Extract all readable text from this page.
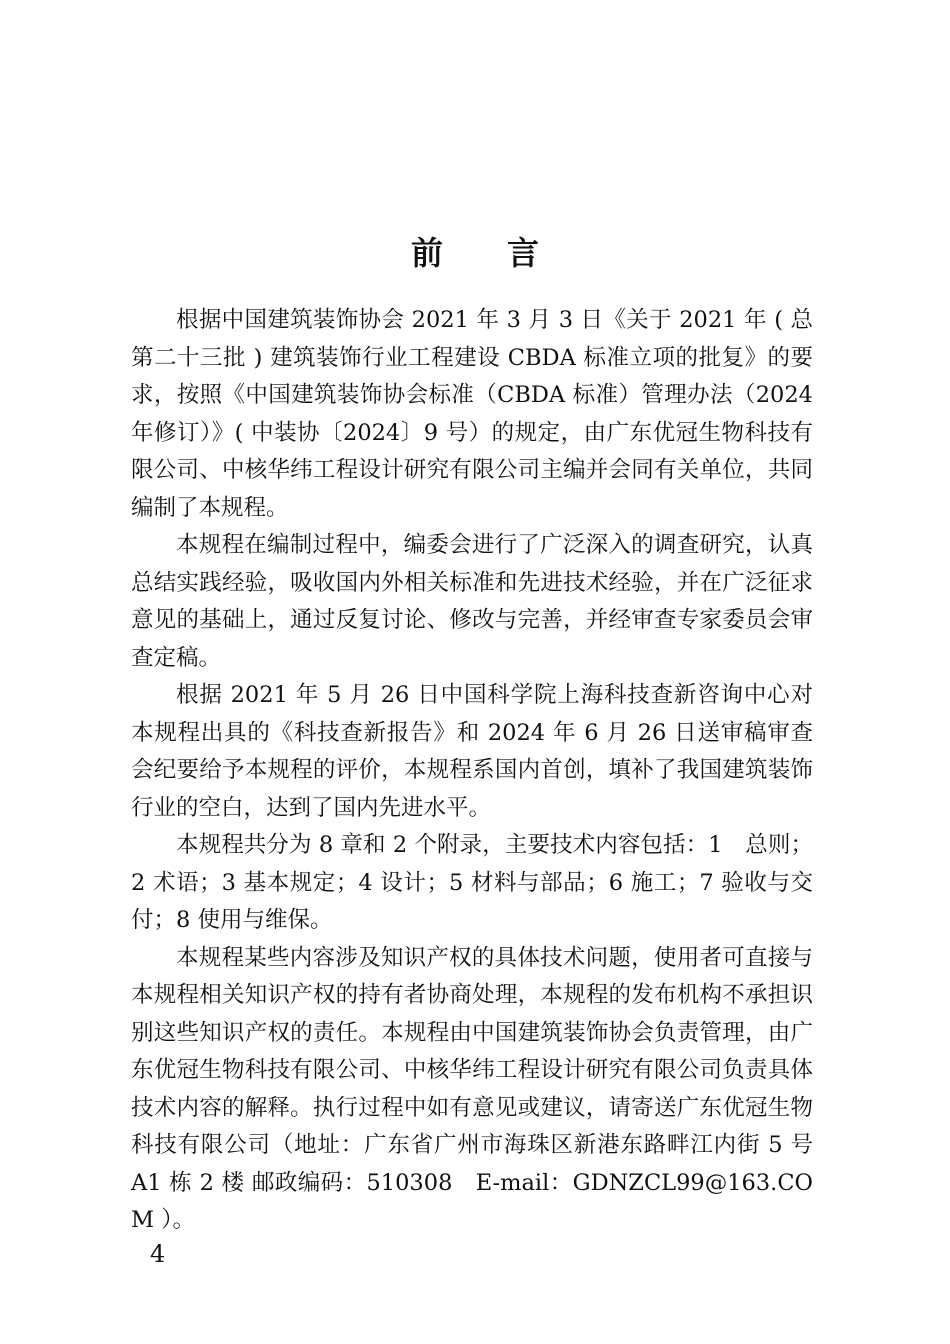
前 言

根据中国建筑装饰协会 2021 年 3 月 3 日《关于 2021 年 ( 总第二十三批 ) 建筑装饰行业工程建设 CBDA 标准立项的批复》的要求，按照《中国建筑装饰协会标准（CBDA 标准）管理办法（2024 年修订）》( 中装协〔2024〕9 号）的规定，由广东优冠生物科技有限公司、中核华纬工程设计研究有限公司主编并会同有关单位，共同编制了本规程。

本规程在编制过程中，编委会进行了广泛深入的调查研究，认真总结实践经验，吸收国内外相关标准和先进技术经验，并在广泛征求意见的基础上，通过反复讨论、修改与完善，并经审查专家委员会审查定稿。

根据 2021 年 5 月 26 日中国科学院上海科技查新咨询中心对本规程出具的《科技查新报告》和 2024 年 6 月 26 日送审稿审查会纪要给予本规程的评价，本规程系国内首创，填补了我国建筑装饰行业的空白，达到了国内先进水平。

本规程共分为 8 章和 2 个附录，主要技术内容包括：1　总则；2 术语；3 基本规定；4 设计；5 材料与部品；6 施工；7 验收与交付；8 使用与维保。

本规程某些内容涉及知识产权的具体技术问题，使用者可直接与本规程相关知识产权的持有者协商处理，本规程的发布机构不承担识别这些知识产权的责任。本规程由中国建筑装饰协会负责管理，由广东优冠生物科技有限公司、中核华纬工程设计研究有限公司负责具体技术内容的解释。执行过程中如有意见或建议，请寄送广东优冠生物科技有限公司（地址：广东省广州市海珠区新港东路畔江内街 5 号 A1 栋 2 楼 邮政编码：510308　E-mail：GDNZCL99@163.COM ）。

4
